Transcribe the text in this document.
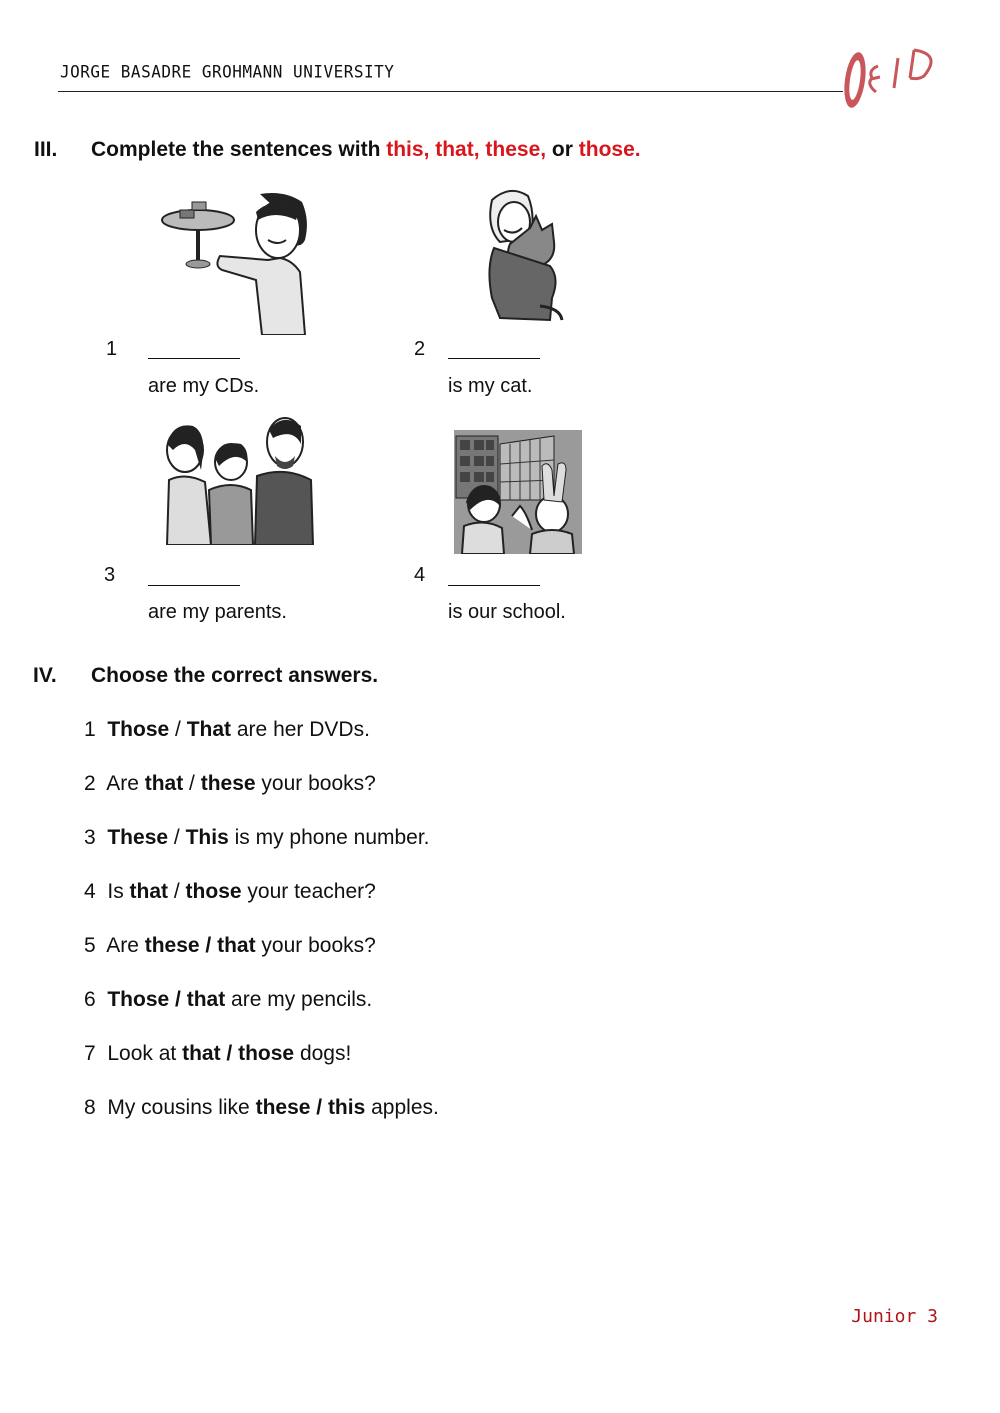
JORGE BASADRE GROHMANN UNIVERSITY
III. Complete the sentences with this, that, these, or those.
1
are my CDs.
2
is my cat.
3
are my parents.
4
is our school.
IV. Choose the correct answers.
1 Those / That are her DVDs.
2 Are that / these your books?
3 These / This is my phone number.
4 Is that / those your teacher?
5 Are these / that your books?
6 Those / that are my pencils.
7 Look at that / those dogs!
8 My cousins like these / this apples.
Junior 3
